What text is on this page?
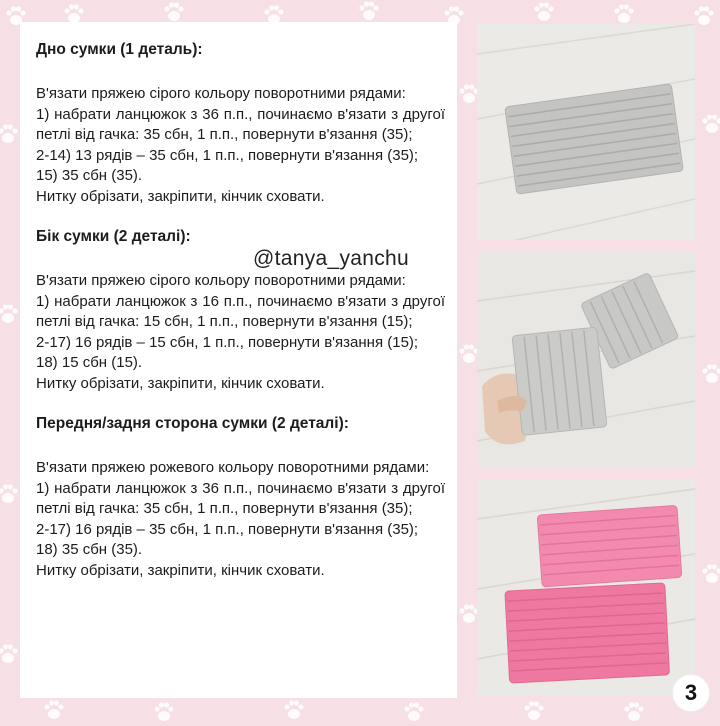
Дно сумки (1 деталь):

В'язати пряжею сірого кольору поворотними рядами:

1) набрати ланцюжок з 36 п.п., починаємо в'язати з другої петлі від гачка: 35 сбн, 1 п.п., повернути в'язання (35);

2-14) 13 рядів – 35 сбн, 1 п.п., повернути в'язання (35);

15) 35 сбн (35).

Нитку обрізати, закріпити, кінчик сховати.

Бік сумки (2 деталі):

В'язати пряжею сірого кольору поворотними рядами:

1) набрати ланцюжок з 16 п.п., починаємо в'язати з другої петлі від гачка: 15 сбн, 1 п.п., повернути в'язання (15);

2-17) 16 рядів – 15 сбн, 1 п.п., повернути в'язання (15);

18) 15 сбн (15).

Нитку обрізати, закріпити, кінчик сховати.

Передня/задня сторона сумки (2 деталі):

В'язати пряжею рожевого кольору поворотними рядами:

1) набрати ланцюжок з 36 п.п., починаємо в'язати з другої петлі від гачка: 35 сбн, 1 п.п., повернути в'язання (35);

2-17) 16 рядів – 35 сбн, 1 п.п., повернути в'язання (35);

18) 35 сбн (35).

Нитку обрізати, закріпити, кінчик сховати.

@tanya_yanchu
3
